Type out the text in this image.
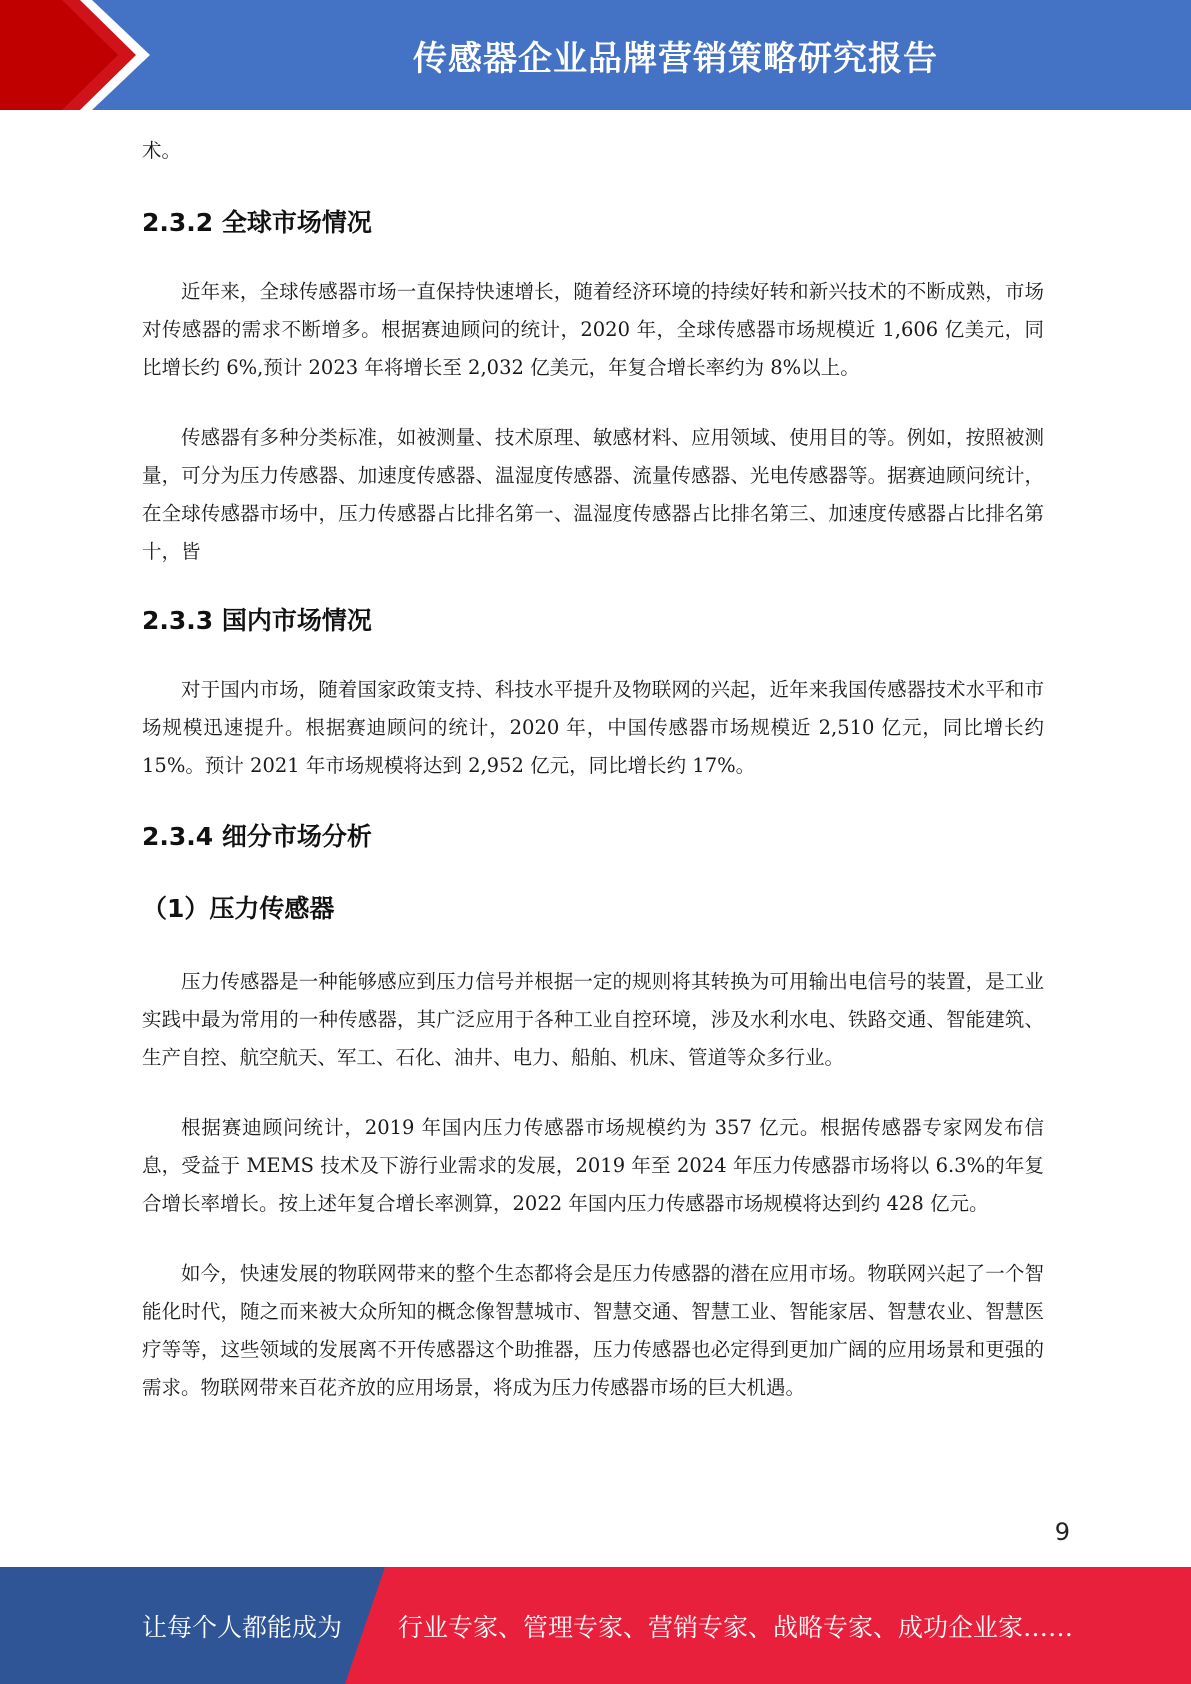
传感器企业品牌营销策略研究报告

术。

2.3.2 全球市场情况

近年来，全球传感器市场一直保持快速增长，随着经济环境的持续好转和新兴技术的不断成熟，市场对传感器的需求不断增多。根据赛迪顾问的统计，2020 年，全球传感器市场规模近 1,606 亿美元，同比增长约 6%,预计 2023 年将增长至 2,032 亿美元，年复合增长率约为 8%以上。

传感器有多种分类标准，如被测量、技术原理、敏感材料、应用领域、使用目的等。例如，按照被测量，可分为压力传感器、加速度传感器、温湿度传感器、流量传感器、光电传感器等。据赛迪顾问统计，在全球传感器市场中，压力传感器占比排名第一、温湿度传感器占比排名第三、加速度传感器占比排名第十，皆

2.3.3 国内市场情况

对于国内市场，随着国家政策支持、科技水平提升及物联网的兴起，近年来我国传感器技术水平和市场规模迅速提升。根据赛迪顾问的统计，2020 年，中国传感器市场规模近 2,510 亿元，同比增长约 15%。预计 2021 年市场规模将达到 2,952 亿元，同比增长约 17%。

2.3.4 细分市场分析
（1）压力传感器

压力传感器是一种能够感应到压力信号并根据一定的规则将其转换为可用输出电信号的装置，是工业实践中最为常用的一种传感器，其广泛应用于各种工业自控环境，涉及水利水电、铁路交通、智能建筑、生产自控、航空航天、军工、石化、油井、电力、船舶、机床、管道等众多行业。

根据赛迪顾问统计，2019 年国内压力传感器市场规模约为 357 亿元。根据传感器专家网发布信息，受益于 MEMS 技术及下游行业需求的发展，2019 年至 2024 年压力传感器市场将以 6.3%的年复合增长率增长。按上述年复合增长率测算，2022 年国内压力传感器市场规模将达到约 428 亿元。

如今，快速发展的物联网带来的整个生态都将会是压力传感器的潜在应用市场。物联网兴起了一个智能化时代，随之而来被大众所知的概念像智慧城市、智慧交通、智慧工业、智能家居、智慧农业、智慧医疗等等，这些领域的发展离不开传感器这个助推器，压力传感器也必定得到更加广阔的应用场景和更强的需求。物联网带来百花齐放的应用场景，将成为压力传感器市场的巨大机遇。

9
让每个人都能成为 行业专家、管理专家、营销专家、战略专家、成功企业家……
